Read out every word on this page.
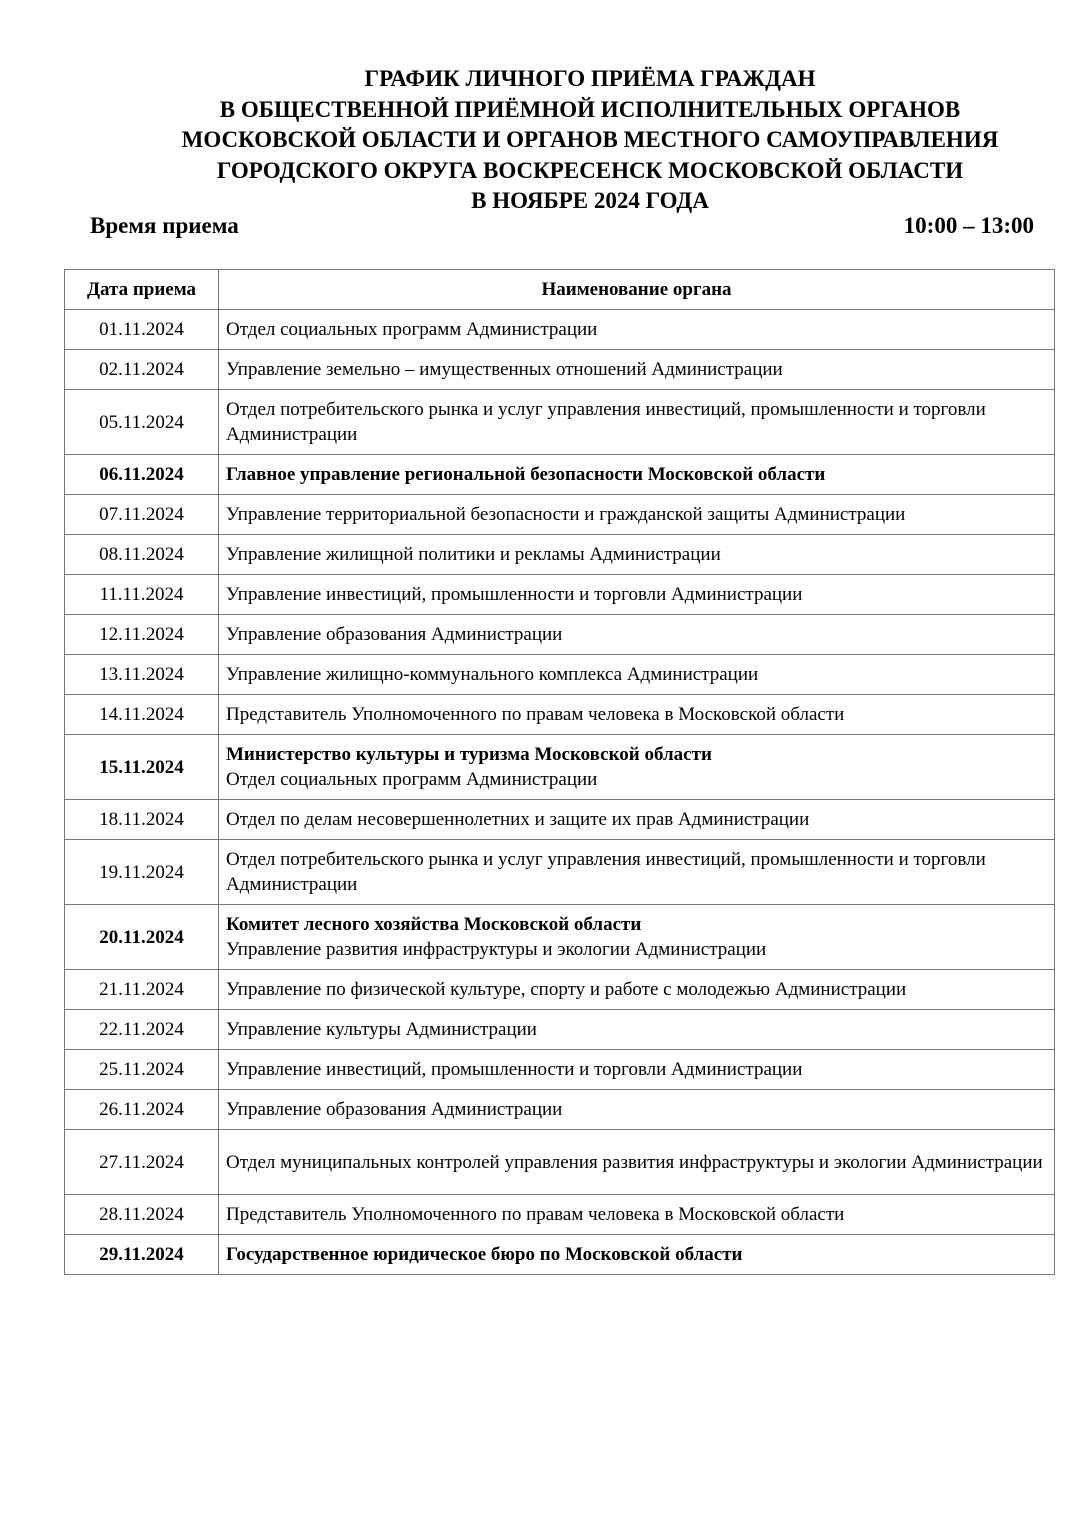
ГРАФИК ЛИЧНОГО ПРИЁМА ГРАЖДАН
В ОБЩЕСТВЕННОЙ ПРИЁМНОЙ ИСПОЛНИТЕЛЬНЫХ ОРГАНОВ
МОСКОВСКОЙ ОБЛАСТИ И ОРГАНОВ МЕСТНОГО САМОУПРАВЛЕНИЯ
ГОРОДСКОГО ОКРУГА ВОСКРЕСЕНСК МОСКОВСКОЙ ОБЛАСТИ
В НОЯБРЕ 2024 ГОДА
Время приема	10:00 – 13:00
Дата приема	Наименование органа
01.11.2024	Отдел социальных программ Администрации
02.11.2024	Управление земельно – имущественных отношений Администрации
05.11.2024	Отдел потребительского рынка и услуг управления инвестиций, промышленности и торговли Администрации
06.11.2024	Главное управление региональной безопасности Московской области
07.11.2024	Управление территориальной безопасности и гражданской защиты Администрации
08.11.2024	Управление жилищной политики и рекламы Администрации
11.11.2024	Управление инвестиций, промышленности и торговли Администрации
12.11.2024	Управление образования Администрации
13.11.2024	Управление жилищно-коммунального комплекса Администрации
14.11.2024	Представитель Уполномоченного по правам человека в Московской области
15.11.2024	Министерство культуры и туризма Московской области
Отдел социальных программ Администрации

18.11.2024	Отдел по делам несовершеннолетних и защите их прав Администрации
19.11.2024	Отдел потребительского рынка и услуг управления инвестиций, промышленности и торговли Администрации
20.11.2024	Комитет лесного хозяйства Московской области
Управление развития инфраструктуры и экологии Администрации

21.11.2024	Управление по физической культуре, спорту и работе с молодежью Администрации
22.11.2024	Управление культуры Администрации
25.11.2024	Управление инвестиций, промышленности и торговли Администрации
26.11.2024	Управление образования Администрации
27.11.2024	Отдел муниципальных контролей управления развития инфраструктуры и экологии Администрации
28.11.2024	Представитель Уполномоченного по правам человека в Московской области
29.11.2024	Государственное юридическое бюро по Московской области
